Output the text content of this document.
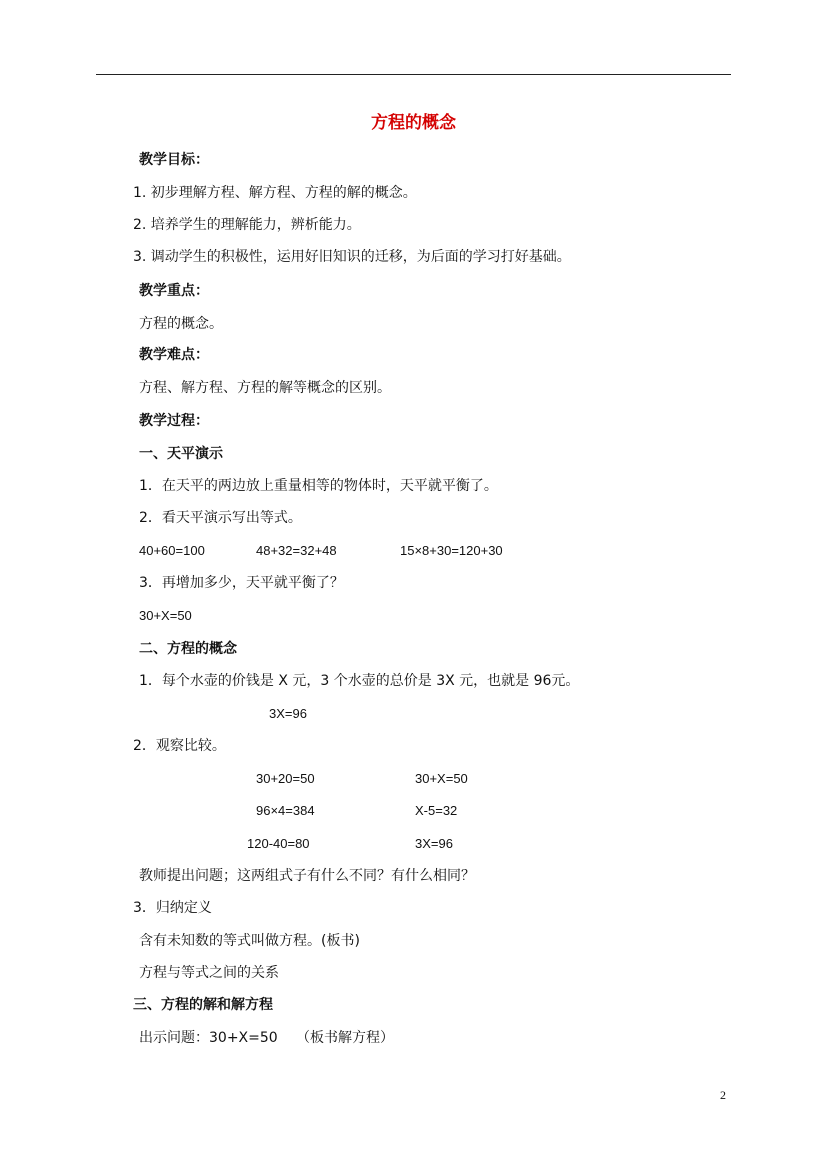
方程的概念
教学目标：
1. 初步理解方程、解方程、方程的解的概念。
2. 培养学生的理解能力，辨析能力。
3. 调动学生的积极性，运用好旧知识的迁移，为后面的学习打好基础。
教学重点：
方程的概念。
教学难点：
方程、解方程、方程的解等概念的区别。
教学过程：
一、天平演示
1．在天平的两边放上重量相等的物体时，天平就平衡了。
2．看天平演示写出等式。
40+60=100	48+32=32+48	15×8+30=120+30
3．再增加多少，天平就平衡了？
30+X=50
二、方程的概念
1．每个水壶的价钱是 X 元，3 个水壶的总价是 3X 元，也就是 96元。
3X=96
2．观察比较。
30+20=50	30+X=50
96×4=384	X-5=32
120-40=80	3X=96
教师提出问题；这两组式子有什么不同？有什么相同？
3．归纳定义
含有未知数的等式叫做方程。(板书)
方程与等式之间的关系
三、方程的解和解方程
出示问题：30+X=50 （板书解方程）
2
